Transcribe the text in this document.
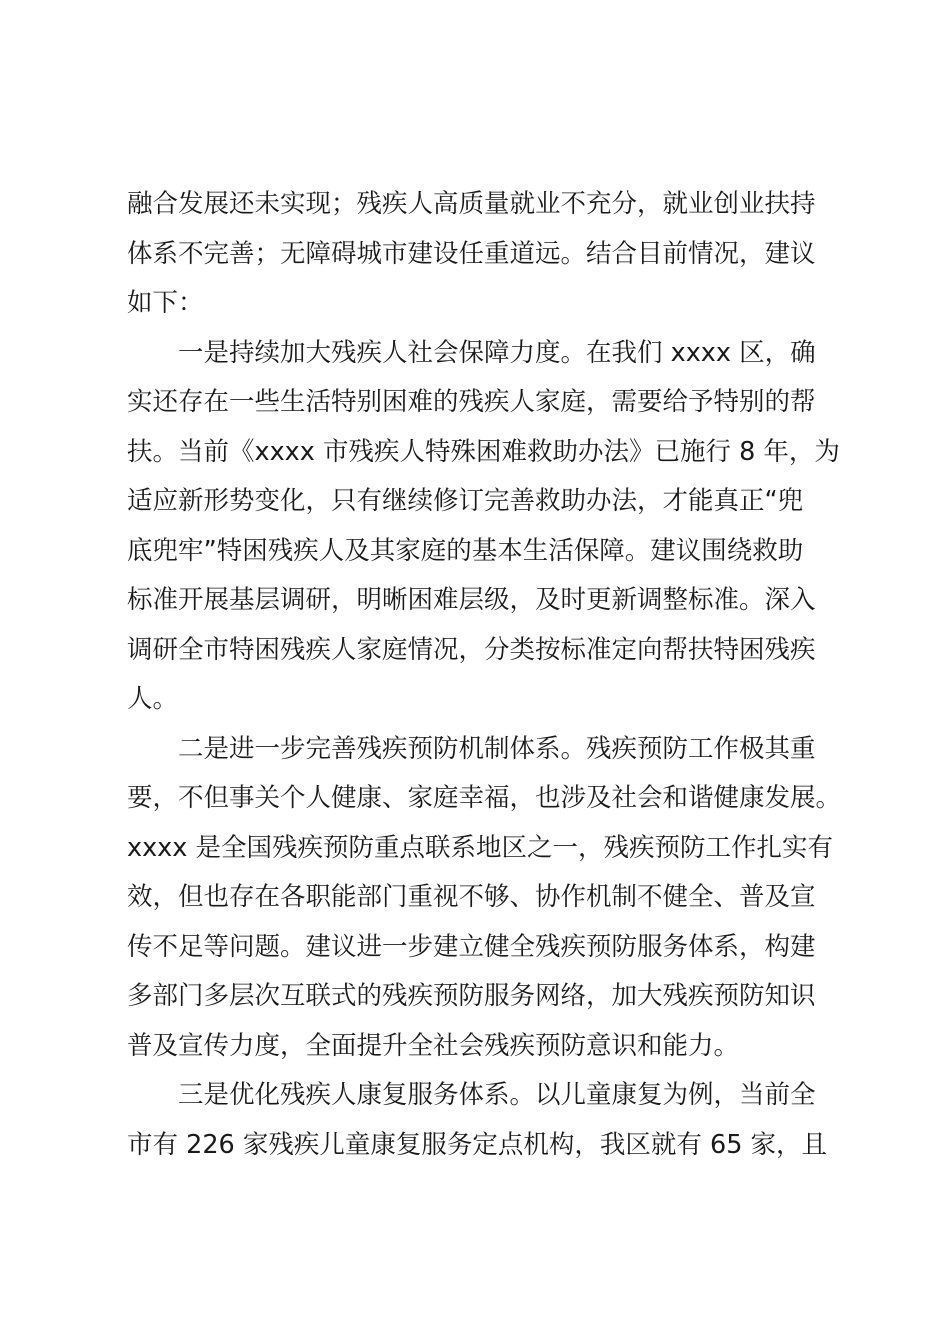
融合发展还未实现；残疾人高质量就业不充分，就业创业扶持
体系不完善；无障碍城市建设任重道远。结合目前情况，建议
如下：
一是持续加大残疾人社会保障力度。在我们 xxxx 区，确
实还存在一些生活特别困难的残疾人家庭，需要给予特别的帮
扶。当前《xxxx 市残疾人特殊困难救助办法》已施行 8 年，为
适应新形势变化，只有继续修订完善救助办法，才能真正“兜
底兜牢”特困残疾人及其家庭的基本生活保障。建议围绕救助
标准开展基层调研，明晰困难层级，及时更新调整标准。深入
调研全市特困残疾人家庭情况，分类按标准定向帮扶特困残疾
人。
二是进一步完善残疾预防机制体系。残疾预防工作极其重
要，不但事关个人健康、家庭幸福，也涉及社会和谐健康发展。
xxxx 是全国残疾预防重点联系地区之一，残疾预防工作扎实有
效，但也存在各职能部门重视不够、协作机制不健全、普及宣
传不足等问题。建议进一步建立健全残疾预防服务体系，构建
多部门多层次互联式的残疾预防服务网络，加大残疾预防知识
普及宣传力度，全面提升全社会残疾预防意识和能力。
三是优化残疾人康复服务体系。以儿童康复为例，当前全
市有 226 家残疾儿童康复服务定点机构，我区就有 65 家，且
